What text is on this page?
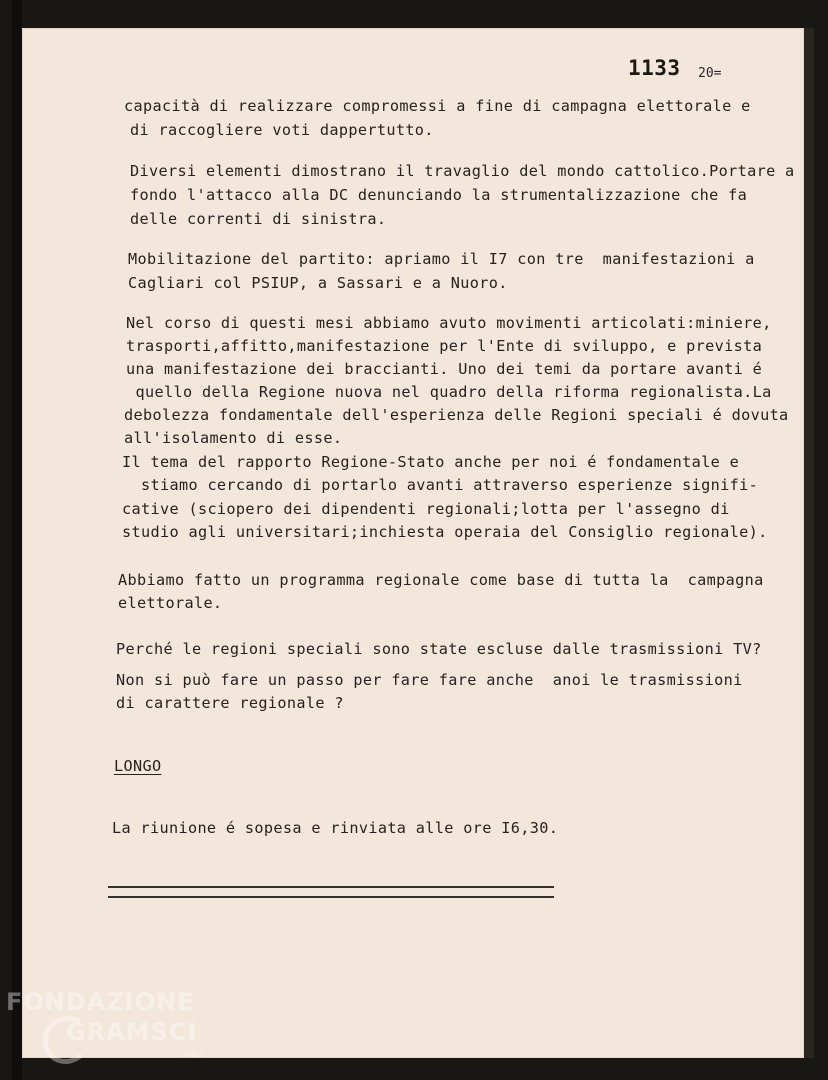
1133 20=
capacità di realizzare compromessi a fine di campagna elettorale e
di raccogliere voti dappertutto.
Diversi elementi dimostrano il travaglio del mondo cattolico.Portare a
fondo l'attacco alla DC denunciando la strumentalizzazione che fa
delle correnti di sinistra.
Mobilitazione del partito: apriamo il I7 con tre  manifestazioni a
Cagliari col PSIUP, a Sassari e a Nuoro.
Nel corso di questi mesi abbiamo avuto movimenti articolati:miniere,
trasporti,affitto,manifestazione per l'Ente di sviluppo, e prevista
una manifestazione dei braccianti. Uno dei temi da portare avanti é
quello della Regione nuova nel quadro della riforma regionalista.La
debolezza fondamentale dell'esperienza delle Regioni speciali é dovuta
all'isolamento di esse.
Il tema del rapporto Regione-Stato anche per noi é fondamentale e
stiamo cercando di portarlo avanti attraverso esperienze signifi-
cative (sciopero dei dipendenti regionali;lotta per l'assegno di
studio agli universitari;inchiesta operaia del Consiglio regionale).
Abbiamo fatto un programma regionale come base di tutta la  campagna
elettorale.
Perché le regioni speciali sono state escluse dalle trasmissioni TV?
Non si può fare un passo per fare fare anche  anoi le trasmissioni
di carattere regionale ?
LONGO
La riunione é sopesa e rinviata alle ore I6,30.
FONDAZIONE
GRAMSCI
onlus
